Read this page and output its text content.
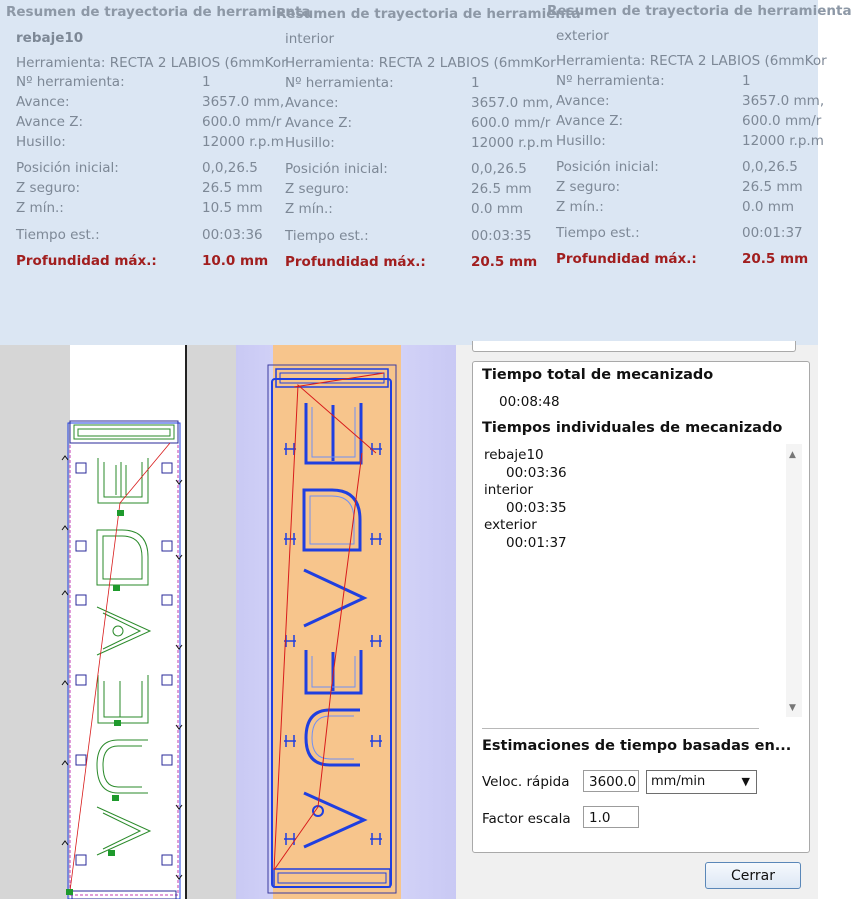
Resumen de trayectoria de herramienta
rebaje10
Herramienta: RECTA 2 LABIOS (6mmKor
Nº herramienta:	1
Avance:	3657.0 mm,
Avance Z:	600.0 mm/r
Husillo:	12000 r.p.m
Posición inicial:	0,0,26.5
Z seguro:	26.5 mm
Z mín.:	10.5 mm
Tiempo est.:	00:03:36
Profundidad máx.:	10.0 mm
Resumen de trayectoria de herramienta
interior
Herramienta: RECTA 2 LABIOS (6mmKor
Nº herramienta:	1
Avance:	3657.0 mm,
Avance Z:	600.0 mm/r
Husillo:	12000 r.p.m
Posición inicial:	0,0,26.5
Z seguro:	26.5 mm
Z mín.:	0.0 mm
Tiempo est.:	00:03:35
Profundidad máx.:	20.5 mm
Resumen de trayectoria de herramienta
exterior
Herramienta: RECTA 2 LABIOS (6mmKor
Nº herramienta:	1
Avance:	3657.0 mm,
Avance Z:	600.0 mm/r
Husillo:	12000 r.p.m
Posición inicial:	0,0,26.5
Z seguro:	26.5 mm
Z mín.:	0.0 mm
Tiempo est.:	00:01:37
Profundidad máx.:	20.5 mm
Tiempo total de mecanizado
00:08:48
Tiempos individuales de mecanizado
rebaje10
00:03:36
interior
00:03:35
exterior
00:01:37
▲
▼
Estimaciones de tiempo basadas en...
Veloc. rápida	3600.0	mm/min	▼
Factor escala	1.0
Cerrar
